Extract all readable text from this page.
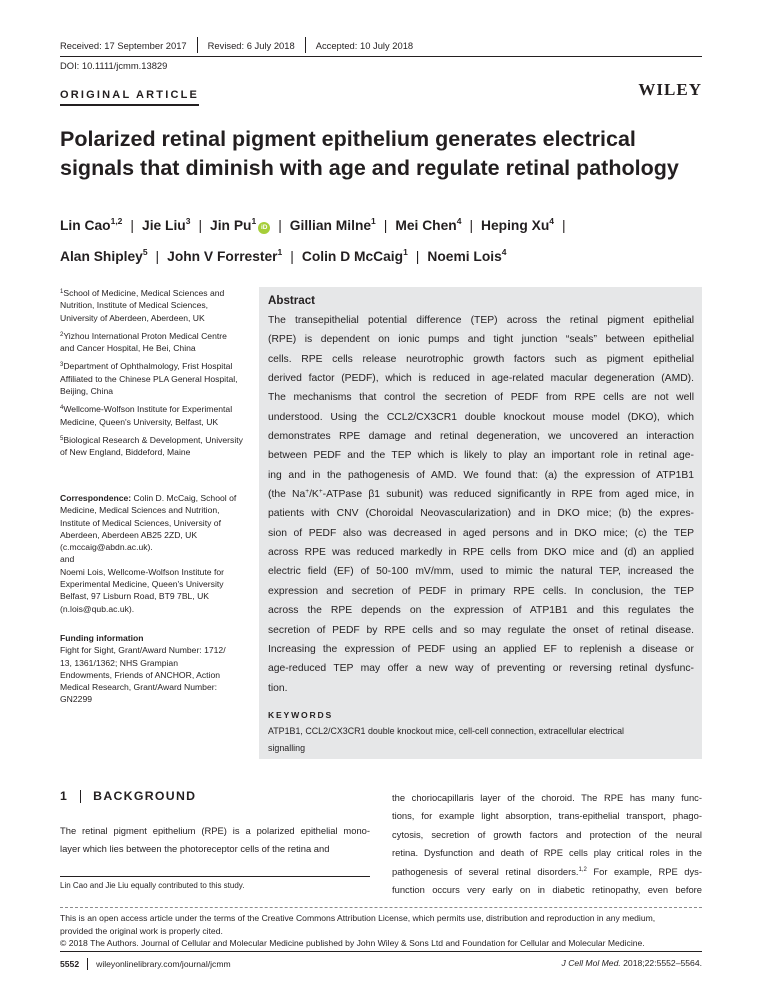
Received: 17 September 2017 Revised: 6 July 2018 Accepted: 10 July 2018
DOI: 10.1111/jcmm.13829
ORIGINAL ARTICLE	WILEY
Polarized retinal pigment epithelium generates electrical
signals that diminish with age and regulate retinal pathology
Lin Cao$^{1,2}$ | Jie Liu$^3$ | Jin Pu$^1$iD | Gillian Milne$^1$ | Mei Chen$^4$ | Heping Xu$^4$ |
Alan Shipley$^5$ | John V Forrester$^1$ | Colin D McCaig$^1$ | Noemi Lois$^4$
$^1$School of Medicine, Medical Sciences and Nutrition, Institute of Medical Sciences, University of Aberdeen, Aberdeen, UK
$^2$Yizhou International Proton Medical Centre and Cancer Hospital, He Bei, China
$^3$Department of Ophthalmology, Frist Hospital Affiliated to the Chinese PLA General Hospital, Beijing, China
$^4$Wellcome-Wolfson Institute for Experimental Medicine, Queen's University, Belfast, UK
$^5$Biological Research & Development, University of New England, Biddeford, Maine
Correspondence: Colin D. McCaig, School of
Medicine, Medical Sciences and Nutrition,
Institute of Medical Sciences, University of
Aberdeen, Aberdeen AB25 2ZD, UK
(c.mccaig@abdn.ac.uk).
and
Noemi Lois, Wellcome-Wolfson Institute for
Experimental Medicine, Queen's University
Belfast, 97 Lisburn Road, BT9 7BL, UK
(n.lois@qub.ac.uk).
Funding information
Fight for Sight, Grant/Award Number: 1712/
13, 1361/1362; NHS Grampian
Endowments, Friends of ANCHOR, Action
Medical Research, Grant/Award Number:
GN2299
Abstract
The transepithelial potential difference (TEP) across the retinal pigment epithelial
(RPE) is dependent on ionic pumps and tight junction “seals” between epithelial
cells. RPE cells release neurotrophic growth factors such as pigment epithelial
derived factor (PEDF), which is reduced in age-related macular degeneration (AMD).
The mechanisms that control the secretion of PEDF from RPE cells are not well
understood. Using the CCL2/CX3CR1 double knockout mouse model (DKO), which
demonstrates RPE damage and retinal degeneration, we uncovered an interaction
between PEDF and the TEP which is likely to play an important role in retinal age-
ing and in the pathogenesis of AMD. We found that: (a) the expression of ATP1B1
(the Na+/K+-ATPase β1 subunit) was reduced significantly in RPE from aged mice, in
patients with CNV (Choroidal Neovascularization) and in DKO mice; (b) the expres-
sion of PEDF also was decreased in aged persons and in DKO mice; (c) the TEP
across RPE was reduced markedly in RPE cells from DKO mice and (d) an applied
electric field (EF) of 50-100 mV/mm, used to mimic the natural TEP, increased the
expression and secretion of PEDF in primary RPE cells. In conclusion, the TEP
across the RPE depends on the expression of ATP1B1 and this regulates the
secretion of PEDF by RPE cells and so may regulate the onset of retinal disease.
Increasing the expression of PEDF using an applied EF to replenish a disease or
age-reduced TEP may offer a new way of preventing or reversing retinal dysfunc-
tion.
KEYWORDS
ATP1B1, CCL2/CX3CR1 double knockout mice, cell-cell connection, extracellular electrical
signalling
1 BACKGROUND
The retinal pigment epithelium (RPE) is a polarized epithelial mono-
layer which lies between the photoreceptor cells of the retina and
the choriocapillaris layer of the choroid. The RPE has many func-
tions, for example light absorption, trans-epithelial transport, phago-
cytosis, secretion of growth factors and protection of the neural
retina. Dysfunction and death of RPE cells play critical roles in the
pathogenesis of several retinal disorders.$^{1,2}$ For example, RPE dys-
function occurs very early on in diabetic retinopathy, even before
Lin Cao and Jie Liu equally contributed to this study.
This is an open access article under the terms of the Creative Commons Attribution License, which permits use, distribution and reproduction in any medium,
provided the original work is properly cited.
© 2018 The Authors. Journal of Cellular and Molecular Medicine published by John Wiley & Sons Ltd and Foundation for Cellular and Molecular Medicine.
5552 wileyonlinelibrary.com/journal/jcmm	J Cell Mol Med. 2018;22:5552–5564.
